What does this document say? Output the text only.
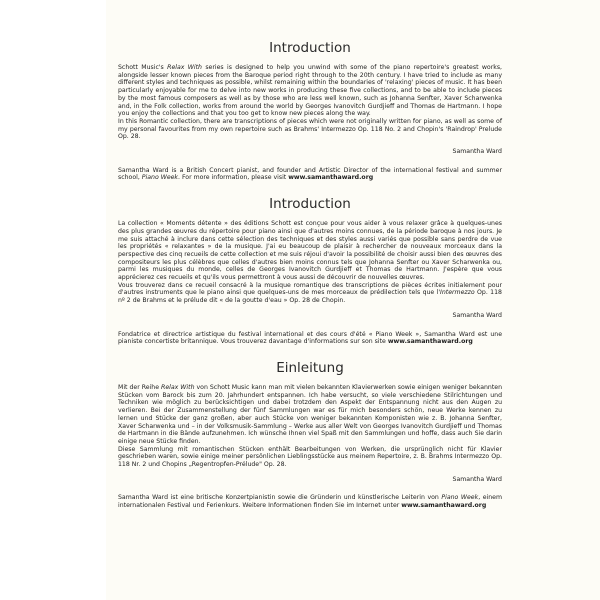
Introduction

Schott Music's Relax With series is designed to help you unwind with some of the piano repertoire's greatest works, alongside lesser known pieces from the Baroque period right through to the 20th century. I have tried to include as many different styles and techniques as possible, whilst remaining within the boundaries of 'relaxing' pieces of music. It has been particularly enjoyable for me to delve into new works in producing these five collections, and to be able to include pieces by the most famous composers as well as by those who are less well known, such as Johanna Senfter, Xaver Scharwenka and, in the Folk collection, works from around the world by Georges Ivanovitch Gurdjieff and Thomas de Hartmann. I hope you enjoy the collections and that you too get to know new pieces along the way.

In this Romantic collection, there are transcriptions of pieces which were not originally written for piano, as well as some of my personal favourites from my own repertoire such as Brahms' Intermezzo Op. 118 No. 2 and Chopin's 'Raindrop' Prelude Op. 28.

Samantha Ward

Samantha Ward is a British Concert pianist, and founder and Artistic Director of the international festival and summer school, Piano Week. For more information, please visit www.samanthaward.org

Introduction

La collection « Moments détente » des éditions Schott est conçue pour vous aider à vous relaxer grâce à quelques-unes des plus grandes œuvres du répertoire pour piano ainsi que d'autres moins connues, de la période baroque à nos jours. Je me suis attaché à inclure dans cette sélection des techniques et des styles aussi variés que possible sans perdre de vue les propriétés « relaxantes » de la musique. J'ai eu beaucoup de plaisir à rechercher de nouveaux morceaux dans la perspective des cinq recueils de cette collection et me suis réjoui d'avoir la possibilité de choisir aussi bien des œuvres des compositeurs les plus célèbres que celles d'autres bien moins connus tels que Johanna Senfter ou Xaver Scharwenka ou, parmi les musiques du monde, celles de Georges Ivanovitch Gurdjieff et Thomas de Hartmann. J'espère que vous apprécierez ces recueils et qu'ils vous permettront à vous aussi de découvrir de nouvelles œuvres.

Vous trouverez dans ce recueil consacré à la musique romantique des transcriptions de pièces écrites initialement pour d'autres instruments que le piano ainsi que quelques-uns de mes morceaux de prédilection tels que l'Intermezzo Op. 118 nº 2 de Brahms et le prélude dit « de la goutte d'eau » Op. 28 de Chopin.

Samantha Ward

Fondatrice et directrice artistique du festival international et des cours d'été « Piano Week », Samantha Ward est une pianiste concertiste britannique. Vous trouverez davantage d'informations sur son site www.samanthaward.org

Einleitung

Mit der Reihe Relax With von Schott Music kann man mit vielen bekannten Klavierwerken sowie einigen weniger bekannten Stücken vom Barock bis zum 20. Jahrhundert entspannen. Ich habe versucht, so viele verschiedene Stilrichtungen und Techniken wie möglich zu berücksichtigen und dabei trotzdem den Aspekt der Entspannung nicht aus den Augen zu verlieren. Bei der Zusammenstellung der fünf Sammlungen war es für mich besonders schön, neue Werke kennen zu lernen und Stücke der ganz großen, aber auch Stücke von weniger bekannten Komponisten wie z. B. Johanna Senfter, Xaver Scharwenka und – in der Volksmusik-Sammlung – Werke aus aller Welt von Georges Ivanovitch Gurdjieff und Thomas de Hartmann in die Bände aufzunehmen. Ich wünsche Ihnen viel Spaß mit den Sammlungen und hoffe, dass auch Sie darin einige neue Stücke finden.

Diese Sammlung mit romantischen Stücken enthält Bearbeitungen von Werken, die ursprünglich nicht für Klavier geschrieben waren, sowie einige meiner persönlichen Lieblingsstücke aus meinem Repertoire, z. B. Brahms Intermezzo Op. 118 Nr. 2 und Chopins „Regentropfen-Prélude" Op. 28.

Samantha Ward

Samantha Ward ist eine britische Konzertpianistin sowie die Gründerin und künstlerische Leiterin von Piano Week, einem internationalen Festival und Ferienkurs. Weitere Informationen finden Sie im Internet unter www.samanthaward.org
